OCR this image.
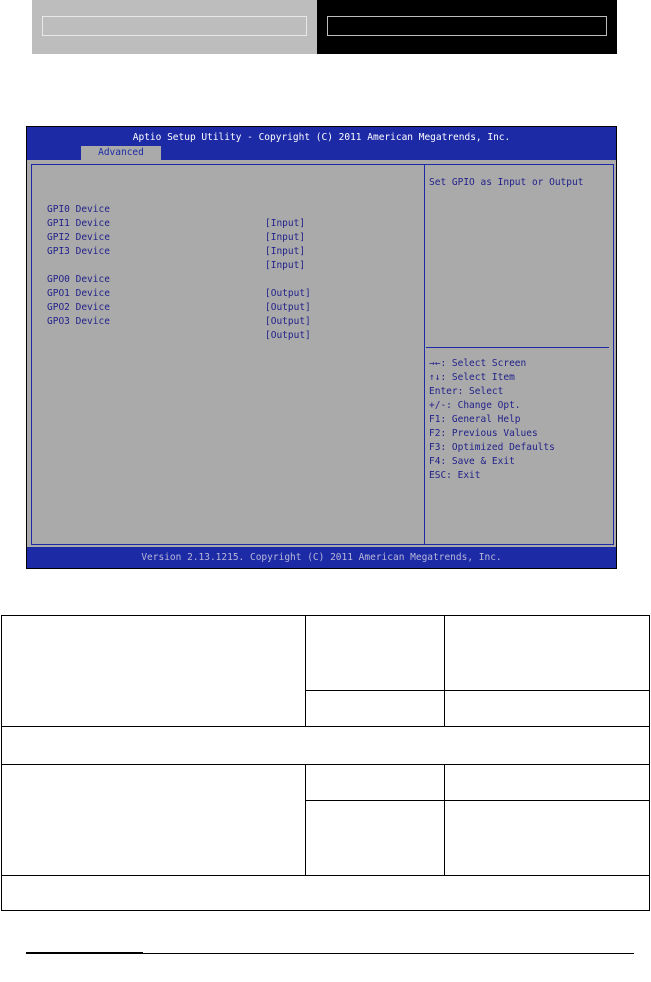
Aptio Setup Utility - Copyright (C) 2011 American Megatrends, Inc.
Advanced

GPI0 Device

[Input]

GPI1 Device

[Input]

GPI2 Device

[Input]

GPI3 Device

[Input]

GPO0 Device

[Output]

GPO1 Device

[Output]

GPO2 Device

[Output]

GPO3 Device

[Output]

Set GPIO as Input or Output
→←: Select Screen
↑↓: Select Item
Enter: Select
+/-: Change Opt.
F1: General Help
F2: Previous Values
F3: Optimized Defaults
F4: Save & Exit
ESC: Exit
Version 2.13.1215. Copyright (C) 2011 American Megatrends, Inc.
